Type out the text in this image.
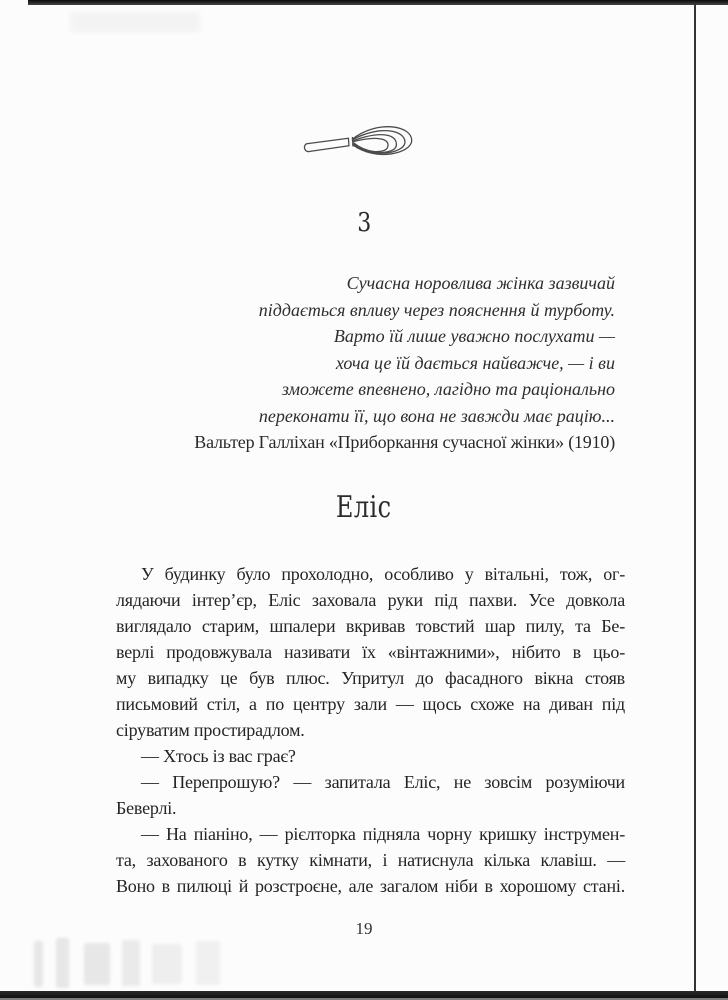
3
Сучасна норовлива жінка зазвичай
піддається впливу через пояснення й турботу.
Варто їй лише уважно послухати —
хоча це їй дається найважче, — і ви
зможете впевнено, лагідно та раціонально
переконати її, що вона не завжди має рацію...
Вальтер Галліхан «Приборкання сучасної жінки» (1910)
Еліс
У будинку було прохолодно, особливо у вітальні, тож, ог-
лядаючи інтер’єр, Еліс заховала руки під пахви. Усе довкола
виглядало старим, шпалери вкривав товстий шар пилу, та Бе-
верлі продовжувала називати їх «вінтажними», нібито в цьо-
му випадку це був плюс. Упритул до фасадного вікна стояв
письмовий стіл, а по центру зали — щось схоже на диван під
сіруватим простирадлом.
— Хтось із вас грає?
— Перепрошую? — запитала Еліс, не зовсім розуміючи
Беверлі.
— На піаніно, — рієлторка підняла чорну кришку інструмен-
та, захованого в кутку кімнати, і натиснула кілька клавіш. —
Воно в пилюці й розстроєне, але загалом ніби в хорошому стані.
19
